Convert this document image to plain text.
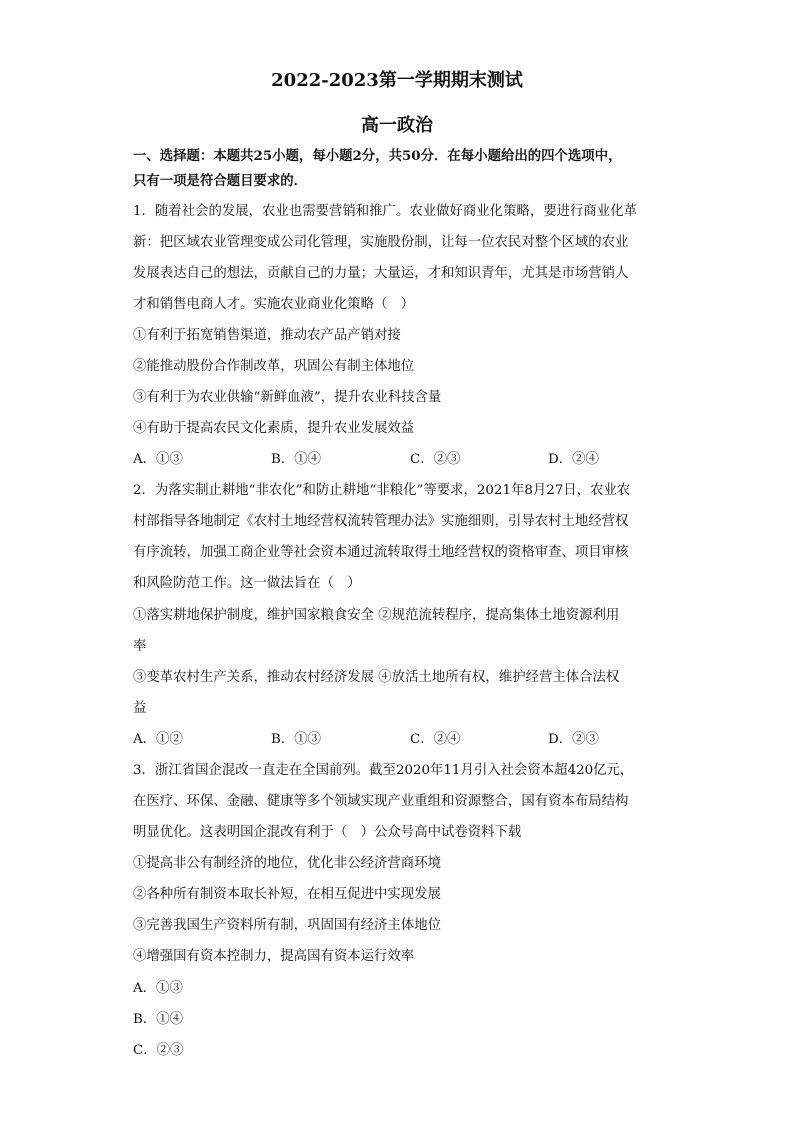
2022-2023第一学期期末测试
高一政治
一、选择题：本题共25小题，每小题2分，共50分．在每小题给出的四个选项中，
只有一项是符合题目要求的．
1．随着社会的发展，农业也需要营销和推广。农业做好商业化策略，要进行商业化革
新：把区域农业管理变成公司化管理，实施股份制，让每一位农民对整个区域的农业
发展表达自己的想法，贡献自己的力量；大量运，才和知识青年，尤其是市场营销人
才和销售电商人才。实施农业商业化策略（　）
①有利于拓宽销售渠道，推动农产品产销对接
②能推动股份合作制改革，巩固公有制主体地位
③有利于为农业供输“新鲜血液”，提升农业科技含量
④有助于提高农民文化素质，提升农业发展效益
A．①③	B．①④	C．②③	D．②④
2．为落实制止耕地“非农化”和防止耕地“非粮化”等要求，2021年8月27日，农业农
村部指导各地制定《农村土地经营权流转管理办法》实施细则，引导农村土地经营权
有序流转，加强工商企业等社会资本通过流转取得土地经营权的资格审查、项目审核
和风险防范工作。这一做法旨在（　）
①落实耕地保护制度，维护国家粮食安全 ②规范流转程序，提高集体土地资源利用
率
③变革农村生产关系，推动农村经济发展 ④放活土地所有权，维护经营主体合法权
益
A．①②	B．①③	C．②④	D．②③
3．浙江省国企混改一直走在全国前列。截至2020年11月引入社会资本超420亿元，
在医疗、环保、金融、健康等多个领域实现产业重组和资源整合，国有资本布局结构
明显优化。这表明国企混改有利于（　）公众号高中试卷资料下载
①提高非公有制经济的地位，优化非公经济营商环境
②各种所有制资本取长补短，在相互促进中实现发展
③完善我国生产资料所有制，巩固国有经济主体地位
④增强国有资本控制力，提高国有资本运行效率
A．①③
B．①④
C．②③
